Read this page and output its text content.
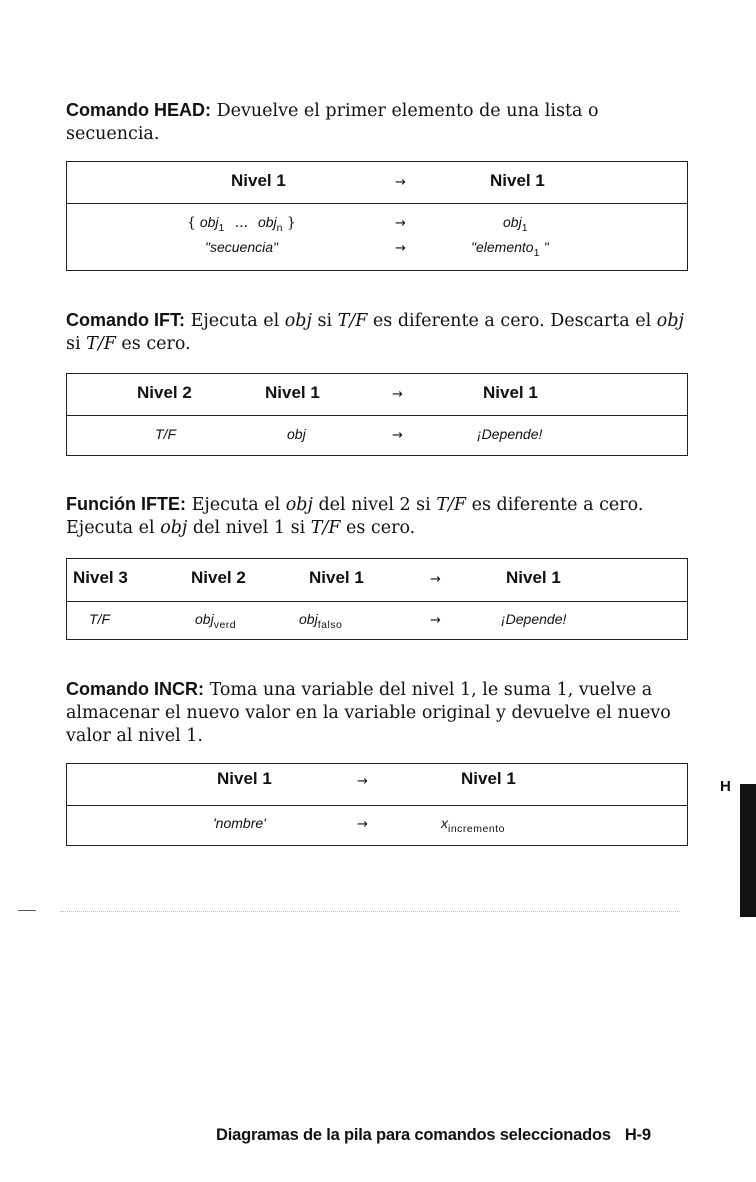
Comando HEAD: Devuelve el primer elemento de una lista o secuencia.

Nivel 1	→	Nivel 1
{ obj$_1$ ... obj$_n$ }	→	obj$_1$
"secuencia"	→	"elemento$_1$ "

Comando IFT: Ejecuta el obj si T/F es diferente a cero. Descarta el obj si T/F es cero.

Nivel 2	Nivel 1	→	Nivel 1
T/F	obj	→	¡Depende!

Función IFTE: Ejecuta el obj del nivel 2 si T/F es diferente a cero. Ejecuta el obj del nivel 1 si T/F es cero.

Nivel 3	Nivel 2	Nivel 1	→	Nivel 1
T/F	obj$_{verd}$	obj$_{falso}$	→	¡Depende!

Comando INCR: Toma una variable del nivel 1, le suma 1, vuelve a almacenar el nuevo valor en la variable original y devuelve el nuevo valor al nivel 1.

Nivel 1	→	Nivel 1
'nombre'	→	$x_{incremento}$
H
Diagramas de la pila para comandos seleccionados H-9
